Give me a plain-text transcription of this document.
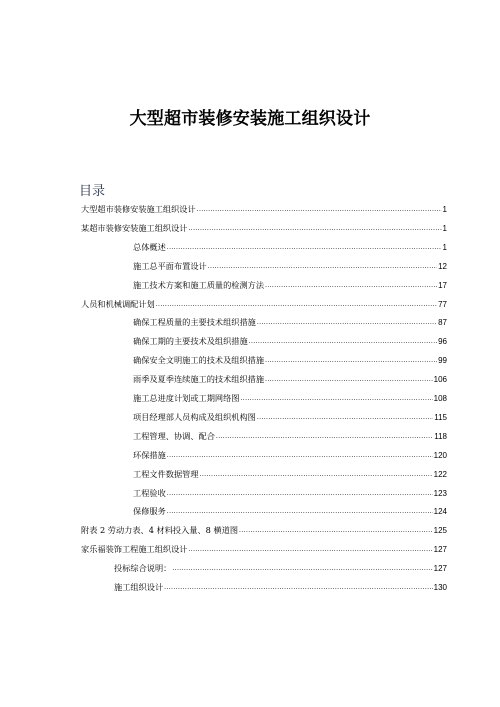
大型超市装修安装施工组织设计
目录
大型超市装修安装施工组织设计 .....	1
某超市装修安装施工组织设计 .....	1
总体概述 .....	1
施工总平面布置设计 .....	12
施工技术方案和施工质量的检测方法 .....	17
人员和机械调配计划 .....	77
确保工程质量的主要技术组织措施 .....	87
确保工期的主要技术及组织措施 .....	96
确保安全文明施工的技术及组织措施 .....	99
雨季及夏季连续施工的技术组织措施 .....	106
施工总进度计划或工期网络图 .....	108
项目经理部人员构成及组织机构图 .....	115
工程管理、协调、配合 .....	118
环保措施 .....	120
工程文件数据管理 .....	122
工程验收 .....	123
保修服务 .....	124
附表 2 劳动力表、4 材料投入量、8 横道图 .....	125
家乐福装饰工程施工组织设计 .....	127
投标综合说明： .....	127
施工组织设计 .....	130
